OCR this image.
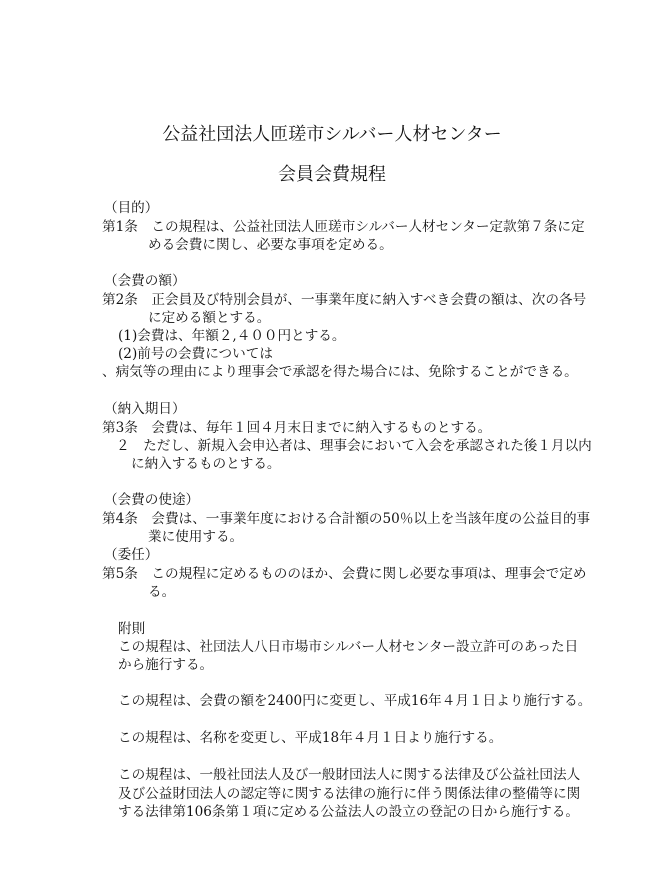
公益社団法人匝瑳市シルバー人材センター
会員会費規程
（目的）
第1条　この規程は、公益社団法人匝瑳市シルバー人材センター定款第７条に定
める会費に関し、必要な事項を定める。
（会費の額）
第2条　正会員及び特別会員が、一事業年度に納入すべき会費の額は、次の各号
に定める額とする。
(1)会費は、年額２,４００円とする。
(2)前号の会費については
、病気等の理由により理事会で承認を得た場合には、免除することができる。
（納入期日）
第3条　会費は、毎年１回４月末日までに納入するものとする。
２　ただし、新規入会申込者は、理事会において入会を承認された後１月以内
に納入するものとする。
（会費の使途）
第4条　会費は、一事業年度における合計額の50％以上を当該年度の公益目的事
業に使用する。
（委任）
第5条　この規程に定めるもののほか、会費に関し必要な事項は、理事会で定め
る。
附則
この規程は、社団法人八日市場市シルバー人材センター設立許可のあった日
から施行する。
この規程は、会費の額を2400円に変更し、平成16年４月１日より施行する。
この規程は、名称を変更し、平成18年４月１日より施行する。
この規程は、一般社団法人及び一般財団法人に関する法律及び公益社団法人
及び公益財団法人の認定等に関する法律の施行に伴う関係法律の整備等に関
する法律第106条第１項に定める公益法人の設立の登記の日から施行する。
